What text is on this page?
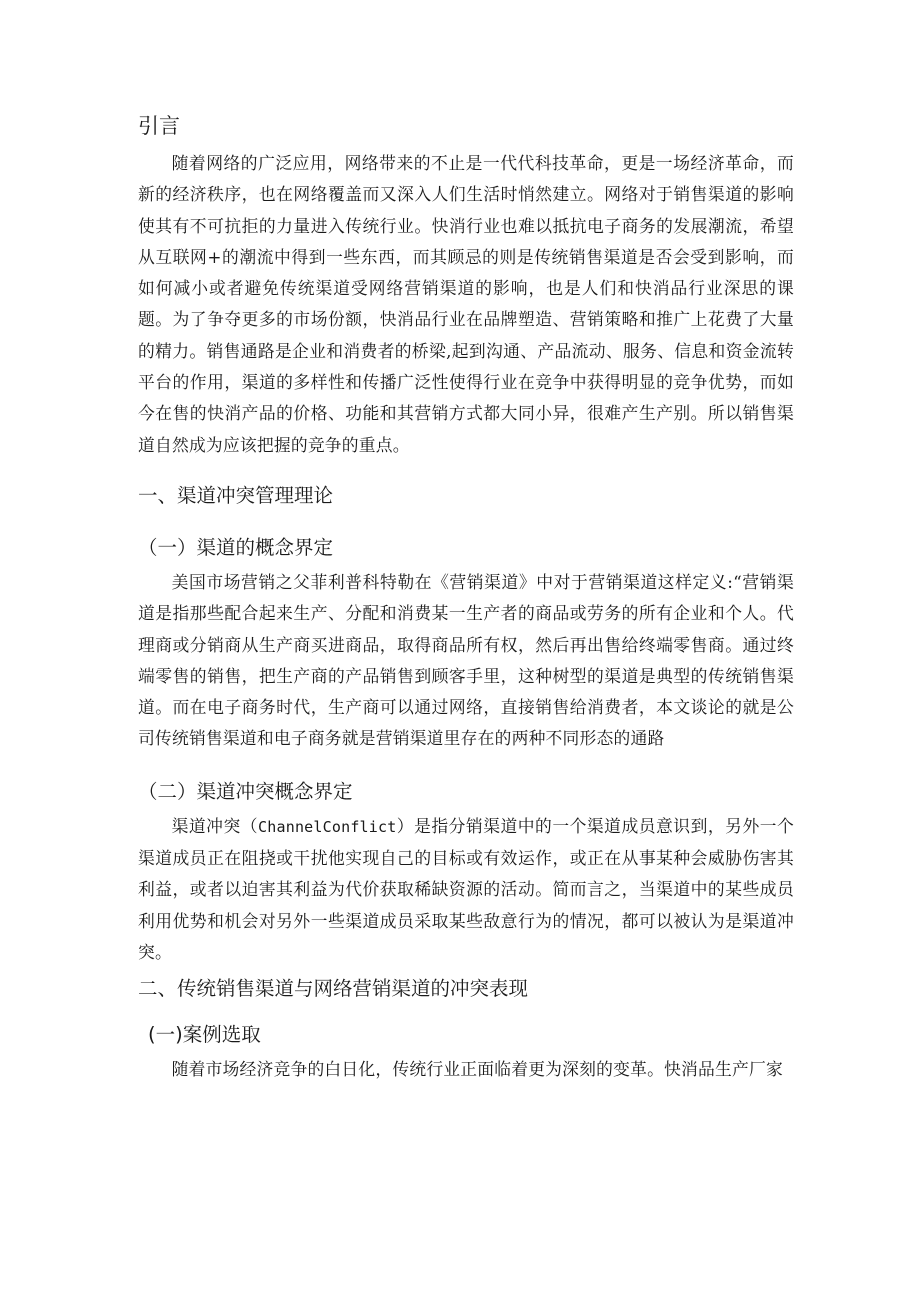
引言

随着网络的广泛应用，网络带来的不止是一代代科技革命，更是一场经济革命，而新的经济秩序，也在网络覆盖而又深入人们生活时悄然建立。网络对于销售渠道的影响使其有不可抗拒的力量进入传统行业。快消行业也难以抵抗电子商务的发展潮流，希望从互联网+的潮流中得到一些东西，而其顾忌的则是传统销售渠道是否会受到影响，而如何减小或者避免传统渠道受网络营销渠道的影响，也是人们和快消品行业深思的课题。为了争夺更多的市场份额，快消品行业在品牌塑造、营销策略和推广上花费了大量的精力。销售通路是企业和消费者的桥梁,起到沟通、产品流动、服务、信息和资金流转平台的作用，渠道的多样性和传播广泛性使得行业在竞争中获得明显的竞争优势，而如今在售的快消产品的价格、功能和其营销方式都大同小异，很难产生产别。所以销售渠道自然成为应该把握的竞争的重点。

一、渠道冲突管理理论
（一）渠道的概念界定

美国市场营销之父菲利普科特勒在《营销渠道》中对于营销渠道这样定义:“营销渠道是指那些配合起来生产、分配和消费某一生产者的商品或劳务的所有企业和个人。代理商或分销商从生产商买进商品，取得商品所有权，然后再出售给终端零售商。通过终端零售的销售，把生产商的产品销售到顾客手里，这种树型的渠道是典型的传统销售渠道。而在电子商务时代，生产商可以通过网络，直接销售给消费者，本文谈论的就是公司传统销售渠道和电子商务就是营销渠道里存在的两种不同形态的通路

（二）渠道冲突概念界定

渠道冲突（ChannelConflict）是指分销渠道中的一个渠道成员意识到，另外一个渠道成员正在阻挠或干扰他实现自己的目标或有效运作，或正在从事某种会威胁伤害其利益，或者以迫害其利益为代价获取稀缺资源的活动。简而言之，当渠道中的某些成员利用优势和机会对另外一些渠道成员采取某些敌意行为的情况，都可以被认为是渠道冲突。

二、传统销售渠道与网络营销渠道的冲突表现
(一)案例选取

随着市场经济竞争的白日化，传统行业正面临着更为深刻的变革。快消品生产厂家
